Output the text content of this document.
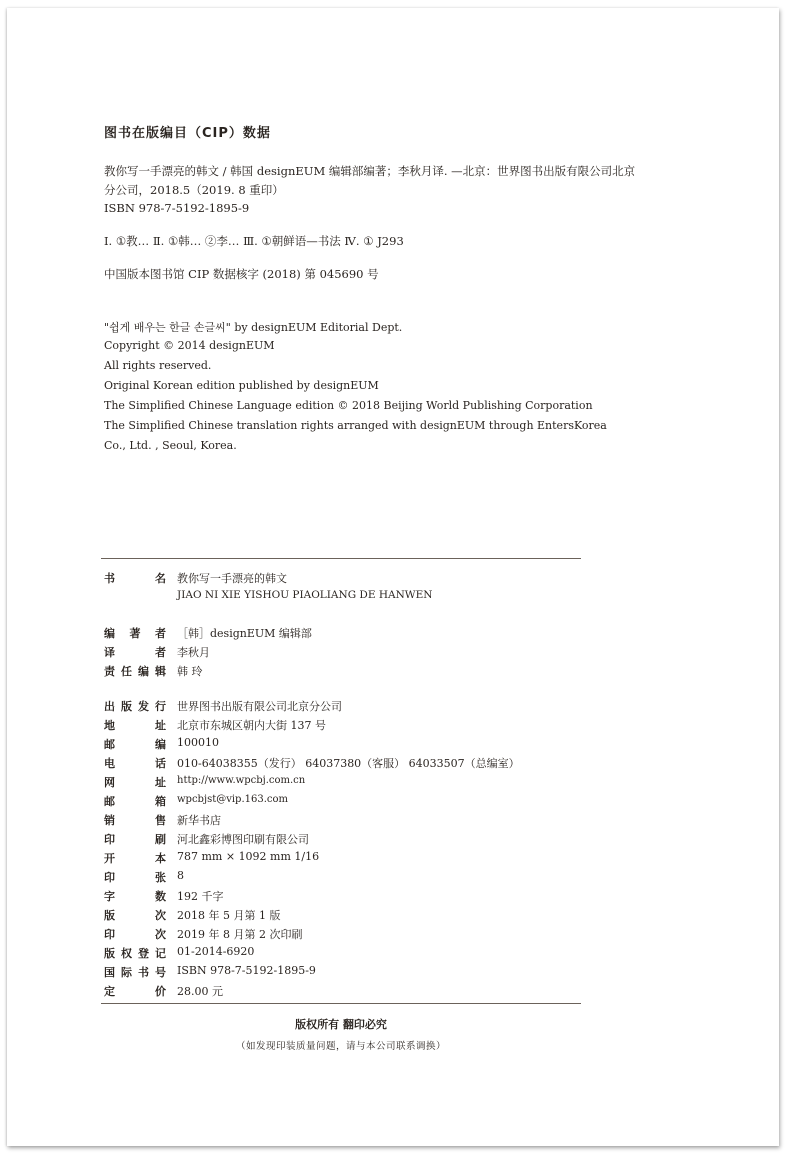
图书在版编目（CIP）数据
教你写一手漂亮的韩文 / 韩国 designEUM 编辑部编著；李秋月译. —北京：世界图书出版有限公司北京
分公司，2018.5（2019. 8 重印）
ISBN 978-7-5192-1895-9
Ⅰ. ①教… Ⅱ. ①韩… ②李… Ⅲ. ①朝鲜语—书法 Ⅳ. ① J293
中国版本图书馆 CIP 数据核字 (2018) 第 045690 号
"쉽게 배우는 한글 손글씨" by designEUM Editorial Dept.
Copyright © 2014 designEUM
All rights reserved.
Original Korean edition published by designEUM
The Simplified Chinese Language edition © 2018 Beijing World Publishing Corporation
The Simplified Chinese translation rights arranged with designEUM through EntersKorea
Co., Ltd. , Seoul, Korea.
书名 教你写一手漂亮的韩文
JIAO NI XIE YISHOU PIAOLIANG DE HANWEN
编著者 ［韩］designEUM 编辑部
译者 李秋月
责任编辑 韩 玲
出版发行 世界图书出版有限公司北京分公司
地址 北京市东城区朝内大街 137 号
邮编 100010
电话 010-64038355（发行） 64037380（客服） 64033507（总编室）
网址 http://www.wpcbj.com.cn
邮箱 wpcbjst@vip.163.com
销售 新华书店
印刷 河北鑫彩博图印刷有限公司
开本 787 mm × 1092 mm 1/16
印张 8
字数 192 千字
版次 2018 年 5 月第 1 版
印次 2019 年 8 月第 2 次印刷
版权登记 01-2014-6920
国际书号 ISBN 978-7-5192-1895-9
定价 28.00 元
版权所有 翻印必究
（如发现印装质量问题，请与本公司联系调换）
